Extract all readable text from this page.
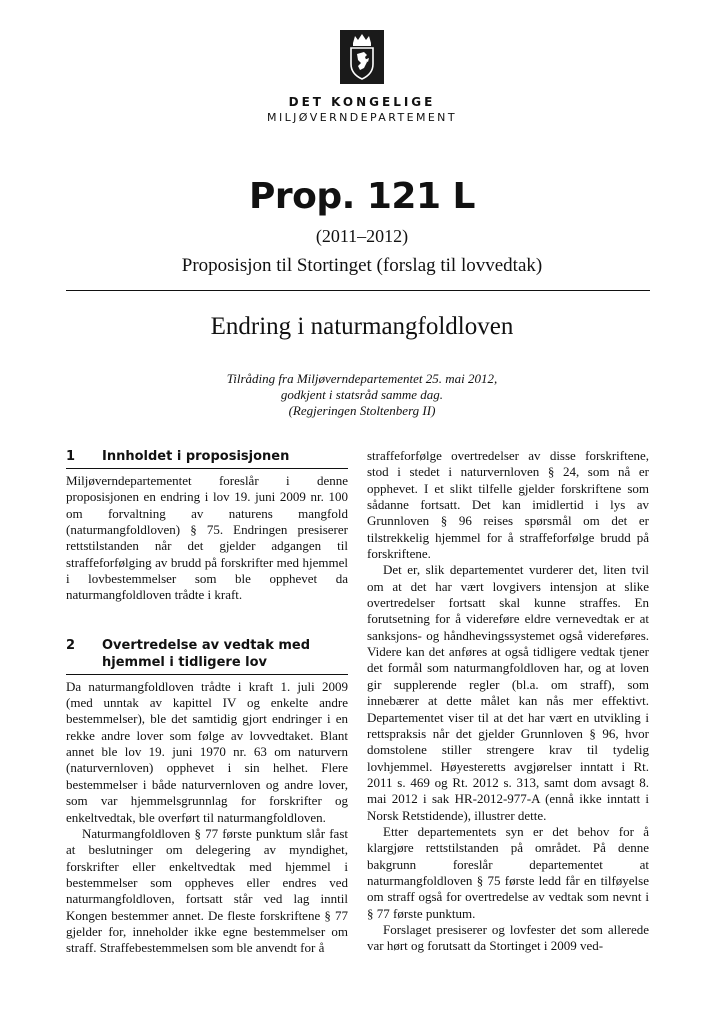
DET KONGELIGE
MILJØVERNDEPARTEMENT
Prop. 121 L
(2011–2012)
Proposisjon til Stortinget (forslag til lovvedtak)
Endring i naturmangfoldloven
Tilråding fra Miljøverndepartementet 25. mai 2012,
godkjent i statsråd samme dag.
(Regjeringen Stoltenberg II)
1	Innholdet i proposisjonen

Miljøverndepartementet foreslår i denne proposisjonen en endring i lov 19. juni 2009 nr. 100 om forvaltning av naturens mangfold (naturmangfoldloven) § 75. Endringen presiserer rettstilstanden når det gjelder adgangen til straffeforfølging av brudd på forskrifter med hjemmel i lovbestemmelser som ble opphevet da naturmangfoldloven trådte i kraft.

2	Overtredelse av vedtak med hjemmel i tidligere lov

Da naturmangfoldloven trådte i kraft 1. juli 2009 (med unntak av kapittel IV og enkelte andre bestemmelser), ble det samtidig gjort endringer i en rekke andre lover som følge av lovvedtaket. Blant annet ble lov 19. juni 1970 nr. 63 om naturvern (naturvernloven) opphevet i sin helhet. Flere bestemmelser i både naturvernloven og andre lover, som var hjemmelsgrunnlag for forskrifter og enkeltvedtak, ble overført til naturmangfoldloven.

Naturmangfoldloven § 77 første punktum slår fast at beslutninger om delegering av myndighet, forskrifter eller enkeltvedtak med hjemmel i bestemmelser som oppheves eller endres ved naturmangfoldloven, fortsatt står ved lag inntil Kongen bestemmer annet. De fleste forskriftene § 77 gjelder for, inneholder ikke egne bestemmelser om straff. Straffebestemmelsen som ble anvendt for å

straffeforfølge overtredelser av disse forskriftene, stod i stedet i naturvernloven § 24, som nå er opphevet. I et slikt tilfelle gjelder forskriftene som sådanne fortsatt. Det kan imidlertid i lys av Grunnloven § 96 reises spørsmål om det er tilstrekkelig hjemmel for å straffeforfølge brudd på forskriftene.

Det er, slik departementet vurderer det, liten tvil om at det har vært lovgivers intensjon at slike overtredelser fortsatt skal kunne straffes. En forutsetning for å videreføre eldre vernevedtak er at sanksjons- og håndhevingssystemet også videreføres. Videre kan det anføres at også tidligere vedtak tjener det formål som naturmangfoldloven har, og at loven gir supplerende regler (bl.a. om straff), som innebærer at dette målet kan nås mer effektivt. Departementet viser til at det har vært en utvikling i rettspraksis når det gjelder Grunnloven § 96, hvor domstolene stiller strengere krav til tydelig lovhjemmel. Høyesteretts avgjørelser inntatt i Rt. 2011 s. 469 og Rt. 2012 s. 313, samt dom avsagt 8. mai 2012 i sak HR-2012-977-A (ennå ikke inntatt i Norsk Retstidende), illustrer dette.

Etter departementets syn er det behov for å klargjøre rettstilstanden på området. På denne bakgrunn foreslår departementet at naturmangfoldloven § 75 første ledd får en tilføyelse om straff også for overtredelse av vedtak som nevnt i § 77 første punktum.

Forslaget presiserer og lovfester det som allerede var hørt og forutsatt da Stortinget i 2009 ved-
